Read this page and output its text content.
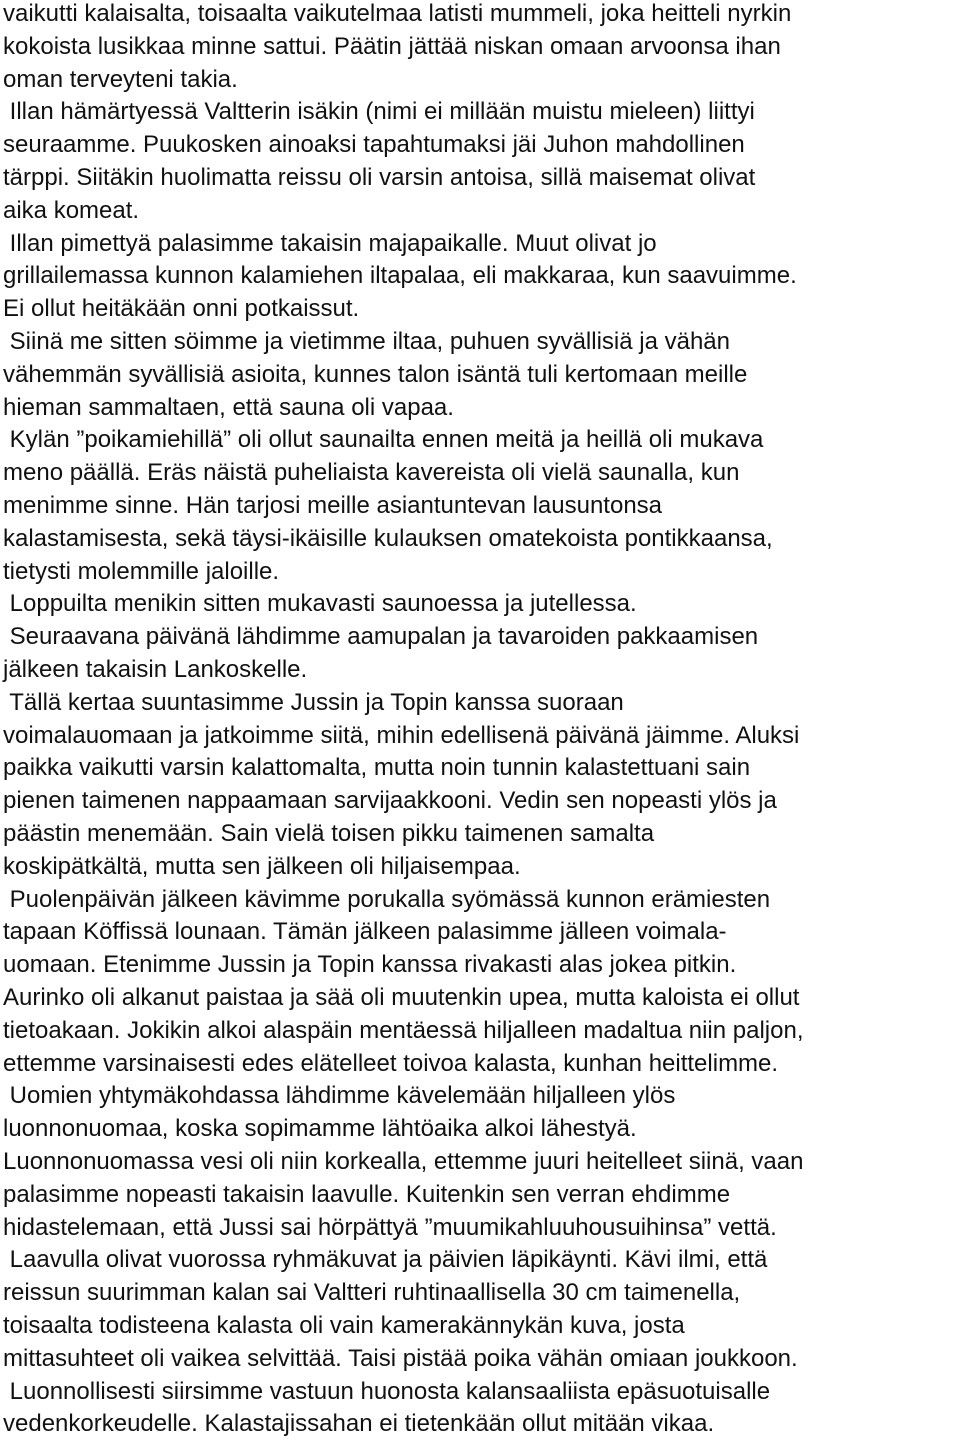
vaikutti kalaisalta, toisaalta vaikutelmaa latisti mummeli, joka heitteli nyrkin

kokoista lusikkaa minne sattui. Päätin jättää niskan omaan arvoonsa ihan

oman terveyteni takia.

Illan hämärtyessä Valtterin isäkin (nimi ei millään muistu mieleen) liittyi

seuraamme. Puukosken ainoaksi tapahtumaksi jäi Juhon mahdollinen

tärppi. Siitäkin huolimatta reissu oli varsin antoisa, sillä maisemat olivat

aika komeat.

Illan pimettyä palasimme takaisin majapaikalle. Muut olivat jo

grillailemassa kunnon kalamiehen iltapalaa, eli makkaraa, kun saavuimme.

Ei ollut heitäkään onni potkaissut.

Siinä me sitten söimme ja vietimme iltaa, puhuen syvällisiä ja vähän

vähemmän syvällisiä asioita, kunnes talon isäntä tuli kertomaan meille

hieman sammaltaen, että sauna oli vapaa.

Kylän ”poikamiehillä” oli ollut saunailta ennen meitä ja heillä oli mukava

meno päällä. Eräs näistä puheliaista kavereista oli vielä saunalla, kun

menimme sinne. Hän tarjosi meille asiantuntevan lausuntonsa

kalastamisesta, sekä täysi-ikäisille kulauksen omatekoista pontikkaansa,

tietysti molemmille jaloille.

Loppuilta menikin sitten mukavasti saunoessa ja jutellessa.

Seuraavana päivänä lähdimme aamupalan ja tavaroiden pakkaamisen

jälkeen takaisin Lankoskelle.

Tällä kertaa suuntasimme Jussin ja Topin kanssa suoraan

voimalauomaan ja jatkoimme siitä, mihin edellisenä päivänä jäimme. Aluksi

paikka vaikutti varsin kalattomalta, mutta noin tunnin kalastettuani sain

pienen taimenen nappaamaan sarvijaakkooni. Vedin sen nopeasti ylös ja

päästin menemään. Sain vielä toisen pikku taimenen samalta

koskipätkältä, mutta sen jälkeen oli hiljaisempaa.

Puolenpäivän jälkeen kävimme porukalla syömässä kunnon erämiesten

tapaan Köffissä lounaan. Tämän jälkeen palasimme jälleen voimala-

uomaan. Etenimme Jussin ja Topin kanssa rivakasti alas jokea pitkin.

Aurinko oli alkanut paistaa ja sää oli muutenkin upea, mutta kaloista ei ollut

tietoakaan. Jokikin alkoi alaspäin mentäessä hiljalleen madaltua niin paljon,

ettemme varsinaisesti edes elätelleet toivoa kalasta, kunhan heittelimme.

Uomien yhtymäkohdassa lähdimme kävelemään hiljalleen ylös

luonnonuomaa, koska sopimamme lähtöaika alkoi lähestyä.

Luonnonuomassa vesi oli niin korkealla, ettemme juuri heitelleet siinä, vaan

palasimme nopeasti takaisin laavulle. Kuitenkin sen verran ehdimme

hidastelemaan, että Jussi sai hörpättyä ”muumikahluuhousuihinsa” vettä.

Laavulla olivat vuorossa ryhmäkuvat ja päivien läpikäynti. Kävi ilmi, että

reissun suurimman kalan sai Valtteri ruhtinaallisella 30 cm taimenella,

toisaalta todisteena kalasta oli vain kamerakännykän kuva, josta

mittasuhteet oli vaikea selvittää. Taisi pistää poika vähän omiaan joukkoon.

Luonnollisesti siirsimme vastuun huonosta kalansaaliista epäsuotuisalle

vedenkorkeudelle. Kalastajissahan ei tietenkään ollut mitään vikaa.
